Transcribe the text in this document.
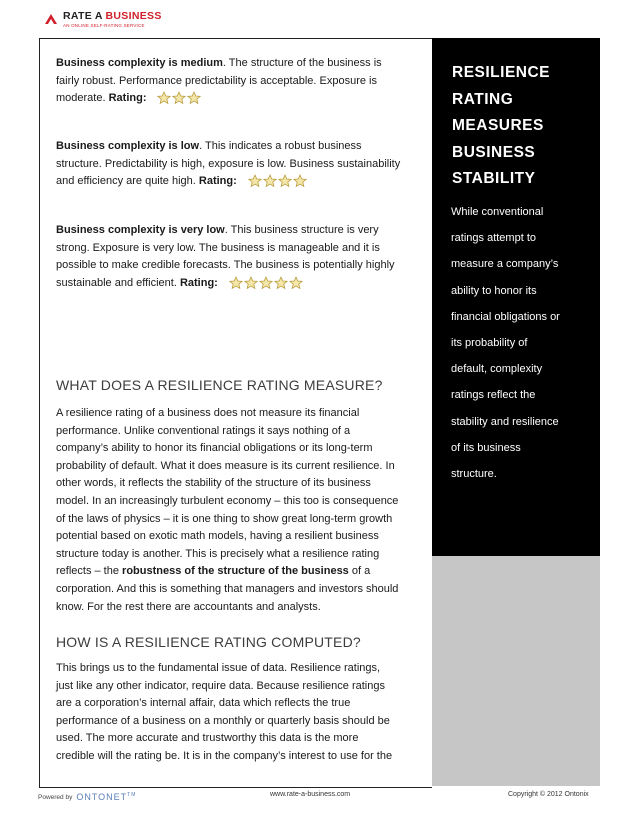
RATE A BUSINESS
AN ONLINE SELF-RATING SERVICE
RESILIENCE
RATING
MEASURES
BUSINESS
STABILITY
While conventional
ratings attempt to
measure a company’s
ability to honor its
financial obligations or
its probability of
default, complexity
ratings reflect the
stability and resilience
of its business
structure.
Business complexity is medium. The structure of the business is
fairly robust. Performance predictability is acceptable. Exposure is
moderate. Rating:
Business complexity is low. This indicates a robust business
structure. Predictability is high, exposure is low. Business sustainability
and efficiency are quite high. Rating:
Business complexity is very low. This business structure is very
strong. Exposure is very low. The business is manageable and it is
possible to make credible forecasts. The business is potentially highly
sustainable and efficient. Rating:
WHAT DOES A RESILIENCE RATING MEASURE?
A resilience rating of a business does not measure its financial
performance. Unlike conventional ratings it says nothing of a
company’s ability to honor its financial obligations or its long-term
probability of default. What it does measure is its current resilience. In
other words, it reflects the stability of the structure of its business
model. In an increasingly turbulent economy – this too is consequence
of the laws of physics – it is one thing to show great long-term growth
potential based on exotic math models, having a resilient business
structure today is another. This is precisely what a resilience rating
reflects – the robustness of the structure of the business of a
corporation. And this is something that managers and investors should
know. For the rest there are accountants and analysts.
HOW IS A RESILIENCE RATING COMPUTED?
This brings us to the fundamental issue of data. Resilience ratings,
just like any other indicator, require data. Because resilience ratings
are a corporation’s internal affair, data which reflects the true
performance of a business on a monthly or quarterly basis should be
used. The more accurate and trustworthy this data is the more
credible will the rating be. It is in the company’s interest to use for the
Powered by ONTONET™	www.rate-a-business.com	Copyright © 2012 Ontonix
